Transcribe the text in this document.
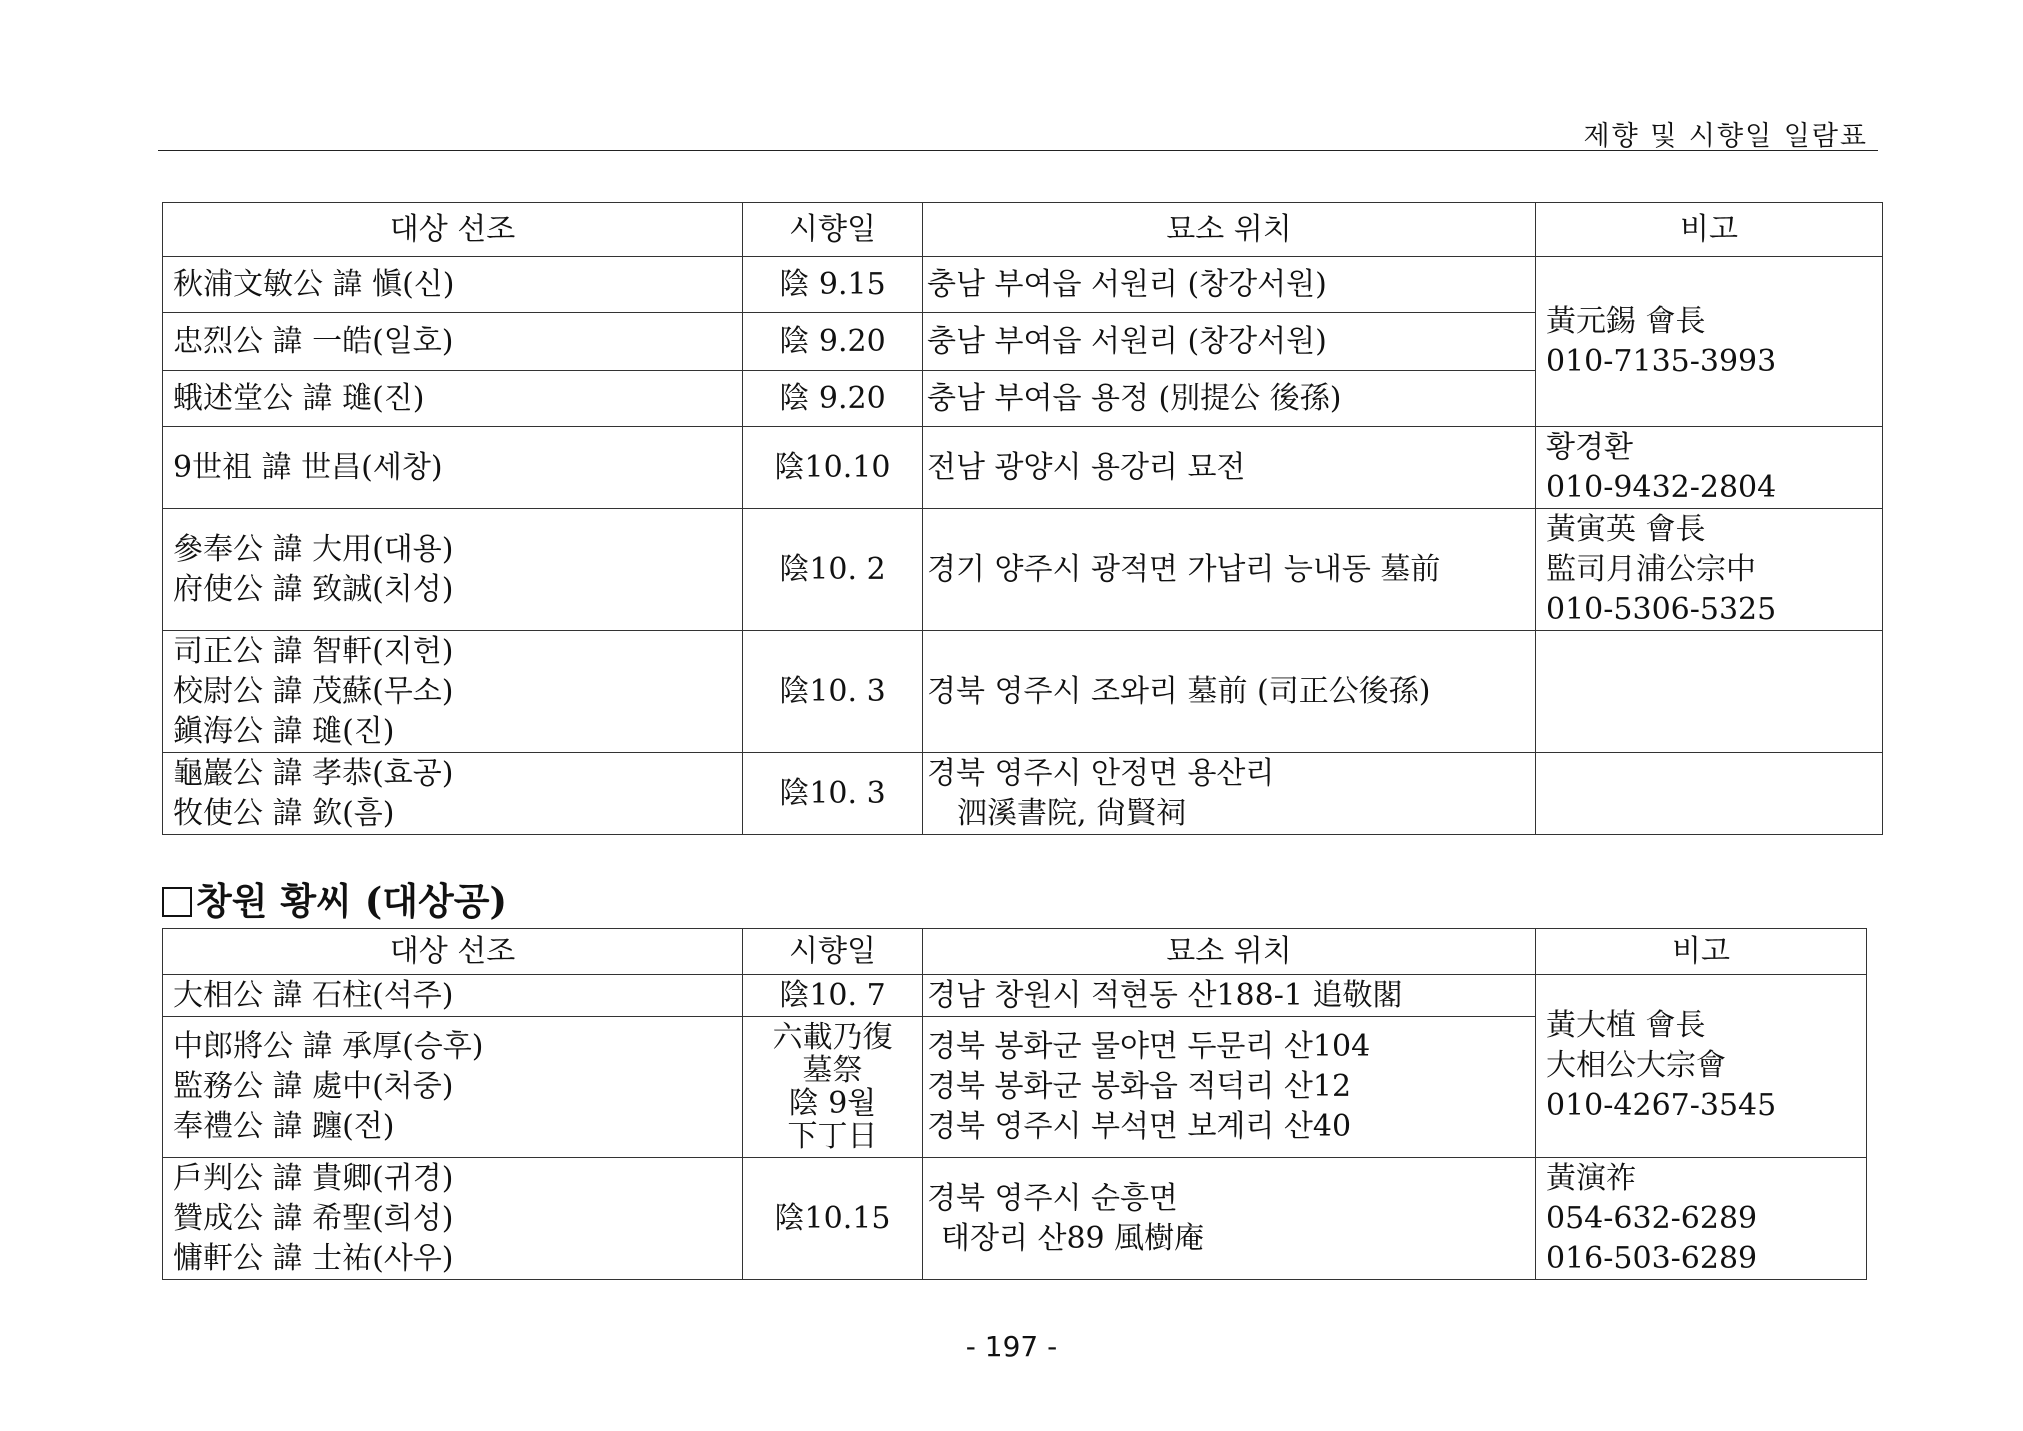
제향 및 시향일 일람표
대상 선조	시향일	묘소 위치	비고
秋浦文敏公 諱 愼(신)	陰 9.15	충남 부여읍 서원리 (창강서원)	黃元錫 會長
010-7135-3993

忠烈公 諱 一皓(일호)	陰 9.20	충남 부여읍 서원리 (창강서원)	
蛾述堂公 諱 璡(진)	陰 9.20	충남 부여읍 용정 (別提公 後孫)	
9世祖 諱 世昌(세창)	陰10.10	전남 광양시 용강리 묘전	황경환
010-9432-2804

參奉公 諱 大用(대용)
府使公 諱 致誠(치성)	陰10. 2	경기 양주시 광적면 가납리 능내동 墓前	黃寅英 會長
監司月浦公宗中
010-5306-5325

司正公 諱 智軒(지헌)
校尉公 諱 茂蘇(무소)
鎭海公 諱 璡(진)	陰10. 3	경북 영주시 조와리 墓前 (司正公後孫)	

龜巖公 諱 孝恭(효공)
牧使公 諱 欽(흠)	陰10. 3	경북 영주시 안정면 용산리
泗溪書院, 尙賢祠	

창원 황씨 (대상공)
대상 선조	시향일	묘소 위치	비고
大相公 諱 石柱(석주)	陰10. 7	경남 창원시 적현동 산188-1 追敬閣	黃大植 會長
大相公大宗會
010-4267-3545

中郎將公 諱 承厚(승후)
監務公 諱 處中(처중)
奉禮公 諱 躔(전)	六載乃復
墓祭
陰 9월
下丁日	경북 봉화군 물야면 두문리 산104
경북 봉화군 봉화읍 적덕리 산12
경북 영주시 부석면 보계리 산40	

戶判公 諱 貴卿(귀경)
贊成公 諱 希聖(희성)
慵軒公 諱 士祐(사우)	陰10.15	경북 영주시 순흥면
태장리 산89 風樹庵	黃演祚
054-632-6289
016-503-6289
- 197 -
